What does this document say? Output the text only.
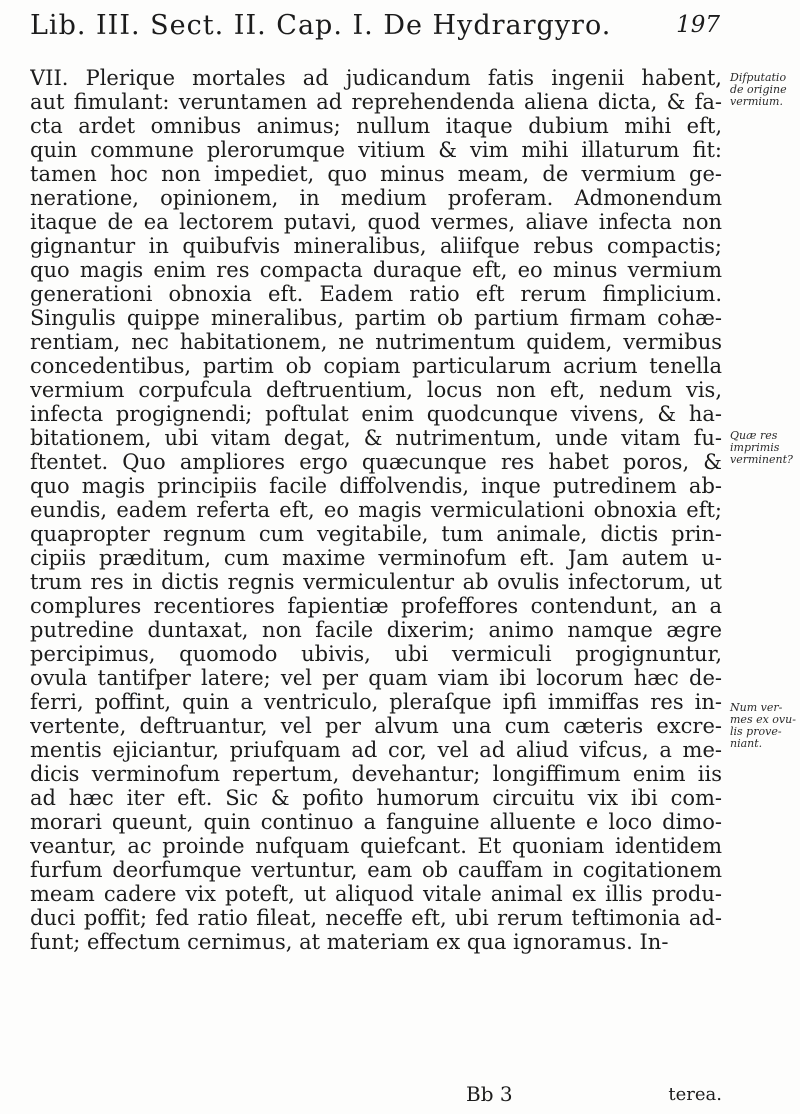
Lib. III. Sect. II. Cap. I. De Hydrargyro.	197
Difputatio
de origine
vermium.
Quæ res
imprimis
verminent?
Num ver-
mes ex ovu-
lis prove-
niant.
VII. Plerique mortales ad judicandum fatis ingenii habent,
aut fimulant: veruntamen ad reprehendenda aliena dicta, & fa-
cta ardet omnibus animus; nullum itaque dubium mihi eft,
quin commune plerorumque vitium & vim mihi illaturum fit:
tamen hoc non impediet, quo minus meam, de vermium ge-
neratione, opinionem, in medium proferam. Admonendum
itaque de ea lectorem putavi, quod vermes, aliave infecta non
gignantur in quibufvis mineralibus, aliifque rebus compactis;
quo magis enim res compacta duraque eft, eo minus vermium
generationi obnoxia eft. Eadem ratio eft rerum fimplicium.
Singulis quippe mineralibus, partim ob partium firmam cohæ-
rentiam, nec habitationem, ne nutrimentum quidem, vermibus
concedentibus, partim ob copiam particularum acrium tenella
vermium corpufcula deftruentium, locus non eft, nedum vis,
infecta progignendi; poftulat enim quodcunque vivens, & ha-
bitationem, ubi vitam degat, & nutrimentum, unde vitam fu-
ftentet. Quo ampliores ergo quæcunque res habet poros, &
quo magis principiis facile diffolvendis, inque putredinem ab-
eundis, eadem referta eft, eo magis vermiculationi obnoxia eft;
quapropter regnum cum vegitabile, tum animale, dictis prin-
cipiis præditum, cum maxime verminofum eft. Jam autem u-
trum res in dictis regnis vermiculentur ab ovulis infectorum, ut
complures recentiores fapientiæ profeffores contendunt, an a
putredine duntaxat, non facile dixerim; animo namque ægre
percipimus, quomodo ubivis, ubi vermiculi progignuntur,
ovula tantifper latere; vel per quam viam ibi locorum hæc de-
ferri, poffint, quin a ventriculo, pleraſque ipfi immiffas res in-
vertente, deftruantur, vel per alvum una cum cæteris excre-
mentis ejiciantur, priufquam ad cor, vel ad aliud vifcus, a me-
dicis verminofum repertum, devehantur; longiffimum enim iis
ad hæc iter eft. Sic & pofito humorum circuitu vix ibi com-
morari queunt, quin continuo a fanguine alluente e loco dimo-
veantur, ac proinde nufquam quiefcant. Et quoniam identidem
furfum deorfumque vertuntur, eam ob cauffam in cogitationem
meam cadere vix poteft, ut aliquod vitale animal ex illis produ-
duci poffit; fed ratio fileat, neceffe eft, ubi rerum teftimonia ad-
funt; effectum cernimus, at materiam ex qua ignoramus. In-
Bb 3	terea.
